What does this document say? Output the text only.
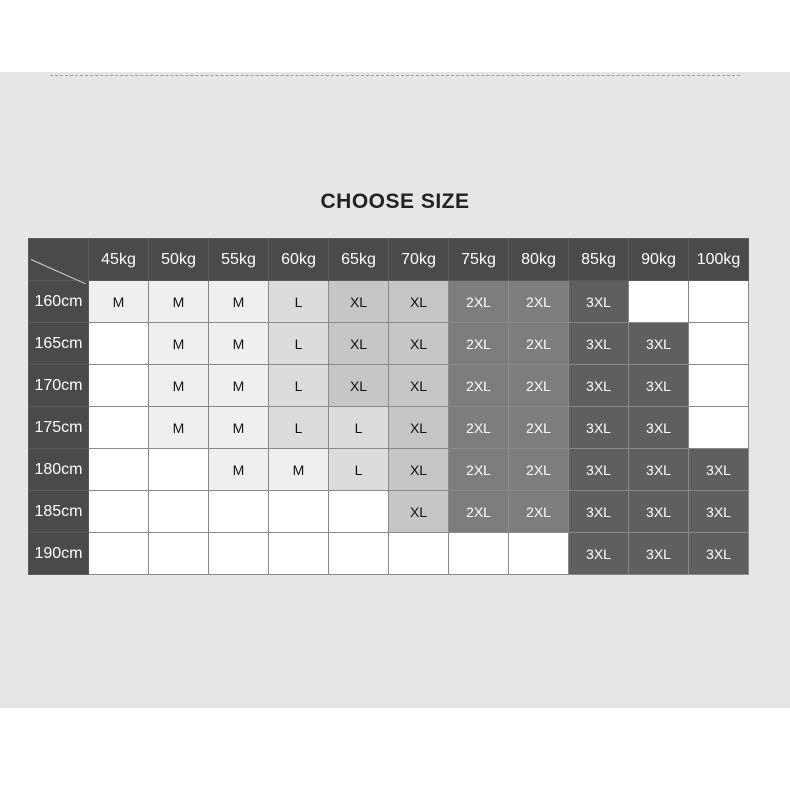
CHOOSE SIZE
	45kg	50kg	55kg	60kg	65kg	70kg	75kg	80kg	85kg	90kg	100kg
160cm	M	M	M	L	XL	XL	2XL	2XL	3XL		
165cm		M	M	L	XL	XL	2XL	2XL	3XL	3XL	
170cm		M	M	L	XL	XL	2XL	2XL	3XL	3XL	
175cm		M	M	L	L	XL	2XL	2XL	3XL	3XL	
180cm			M	M	L	XL	2XL	2XL	3XL	3XL	3XL
185cm						XL	2XL	2XL	3XL	3XL	3XL
190cm									3XL	3XL	3XL
